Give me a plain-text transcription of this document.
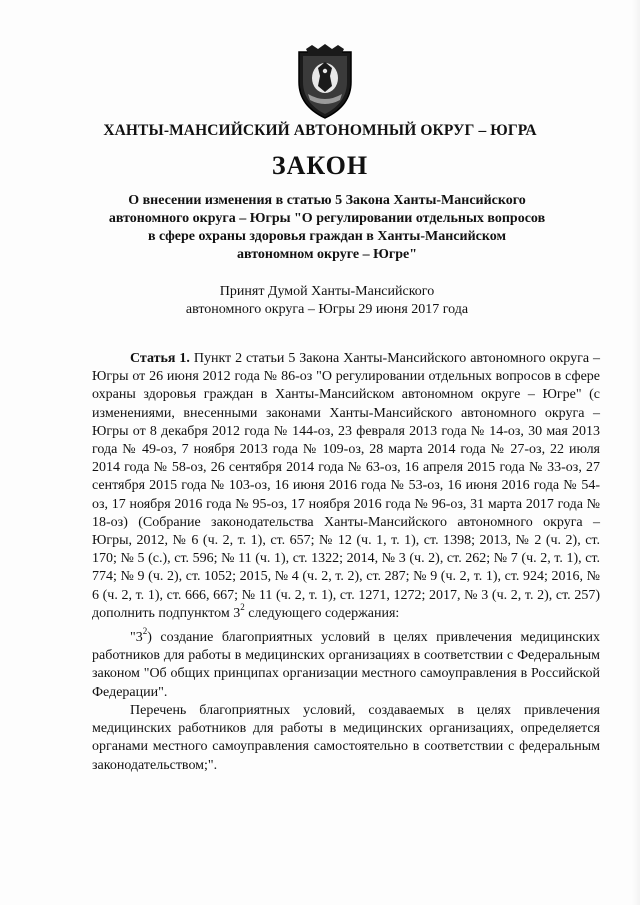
ХАНТЫ-МАНСИЙСКИЙ АВТОНОМНЫЙ ОКРУГ – ЮГРА
ЗАКОН
О внесении изменения в статью 5 Закона Ханты-Мансийского
автономного округа – Югры "О регулировании отдельных вопросов
в сфере охраны здоровья граждан в Ханты-Мансийском
автономном округе – Югре"
Принят Думой Ханты-Мансийского
автономного округа – Югры 29 июня 2017 года

Статья 1. Пункт 2 статьи 5 Закона Ханты-Мансийского автономного округа – Югры от 26 июня 2012 года № 86-оз "О регулировании отдельных вопросов в сфере охраны здоровья граждан в Ханты-Мансийском автономном округе – Югре" (с изменениями, внесенными законами Ханты-Мансийского автономного округа – Югры от 8 декабря 2012 года № 144-оз, 23 февраля 2013 года № 14-оз, 30 мая 2013 года № 49-оз, 7 ноября 2013 года № 109-оз, 28 марта 2014 года № 27-оз, 22 июля 2014 года № 58-оз, 26 сентября 2014 года № 63-оз, 16 апреля 2015 года № 33-оз, 27 сентября 2015 года № 103-оз, 16 июня 2016 года № 53-оз, 16 июня 2016 года № 54-оз, 17 ноября 2016 года № 95-оз, 17 ноября 2016 года № 96-оз, 31 марта 2017 года № 18-оз) (Собрание законодательства Ханты-Мансийского автономного округа – Югры, 2012, № 6 (ч. 2, т. 1), ст. 657; № 12 (ч. 1, т. 1), ст. 1398; 2013, № 2 (ч. 2), ст. 170; № 5 (с.), ст. 596; № 11 (ч. 1), ст. 1322; 2014, № 3 (ч. 2), ст. 262; № 7 (ч. 2, т. 1), ст. 774; № 9 (ч. 2), ст. 1052; 2015, № 4 (ч. 2, т. 2), ст. 287; № 9 (ч. 2, т. 1), ст. 924; 2016, № 6 (ч. 2, т. 1), ст. 666, 667; № 11 (ч. 2, т. 1), ст. 1271, 1272; 2017, № 3 (ч. 2, т. 2), ст. 257) дополнить подпунктом $3^2$ следующего содержания:

"$3^2$) создание благоприятных условий в целях привлечения медицинских работников для работы в медицинских организациях в соответствии с Федеральным законом "Об общих принципах организации местного самоуправления в Российской Федерации".

Перечень благоприятных условий, создаваемых в целях привлечения медицинских работников для работы в медицинских организациях, определяется органами местного самоуправления самостоятельно в соответствии с федеральным законодательством;".
